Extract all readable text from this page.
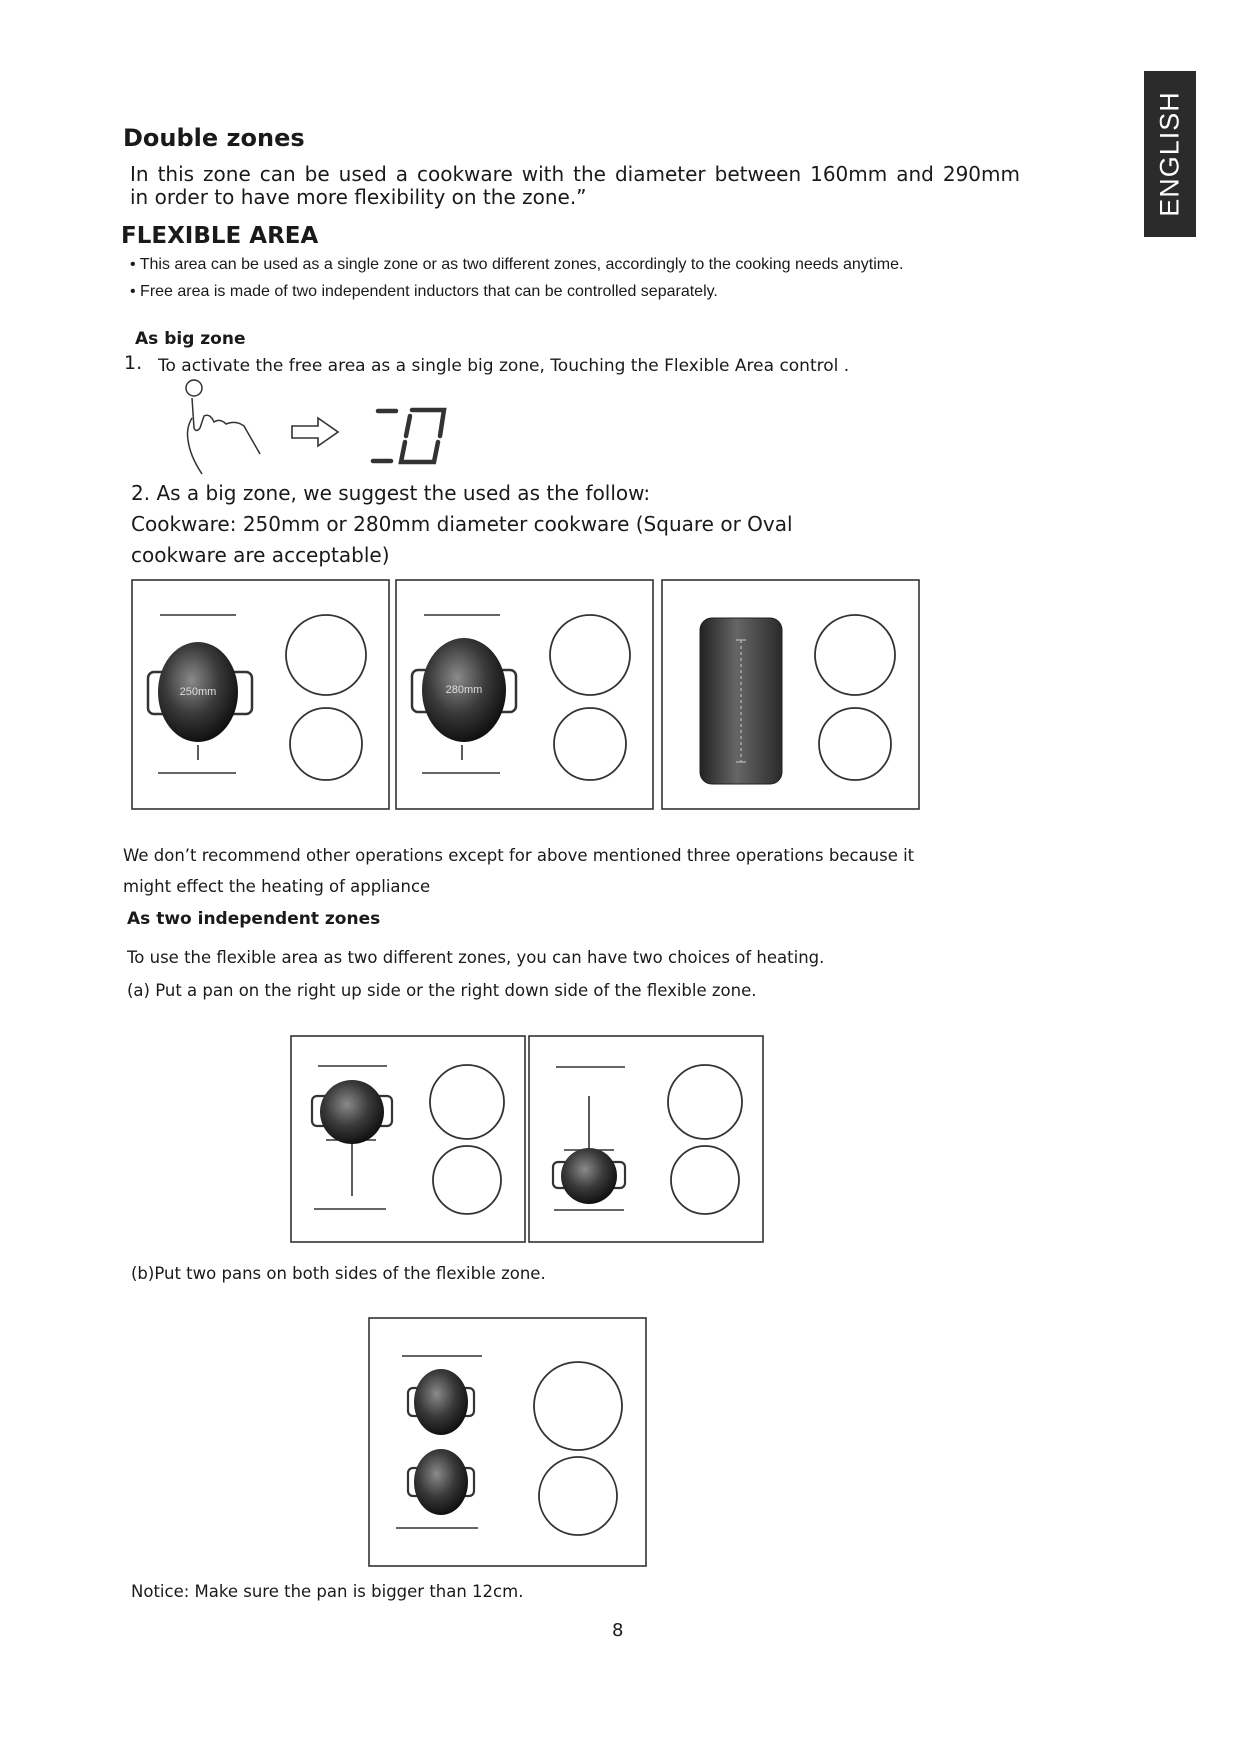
ENGLISH
Double zones
In this zone can be used a cookware with the diameter between 160mm and 290mm
in order to have more flexibility on the zone.”
FLEXIBLE AREA
• This area can be used as a single zone or as two different zones, accordingly to the cooking needs anytime.
• Free area is made of two independent inductors that can be controlled separately.
As big zone
1. To activate the free area as a single big zone, Touching the Flexible Area control .
2. As a big zone, we suggest the used as the follow:
Cookware: 250mm or 280mm diameter cookware (Square or Oval
cookware are acceptable)
250mm	280mm
We don’t recommend other operations except for above mentioned three operations because it
might effect the heating of appliance
As two independent zones
To use the flexible area as two different zones, you can have two choices of heating.
(a) Put a pan on the right up side or the right down side of the flexible zone.
(b)Put two pans on both sides of the flexible zone.
Notice: Make sure the pan is bigger than 12cm.
8
